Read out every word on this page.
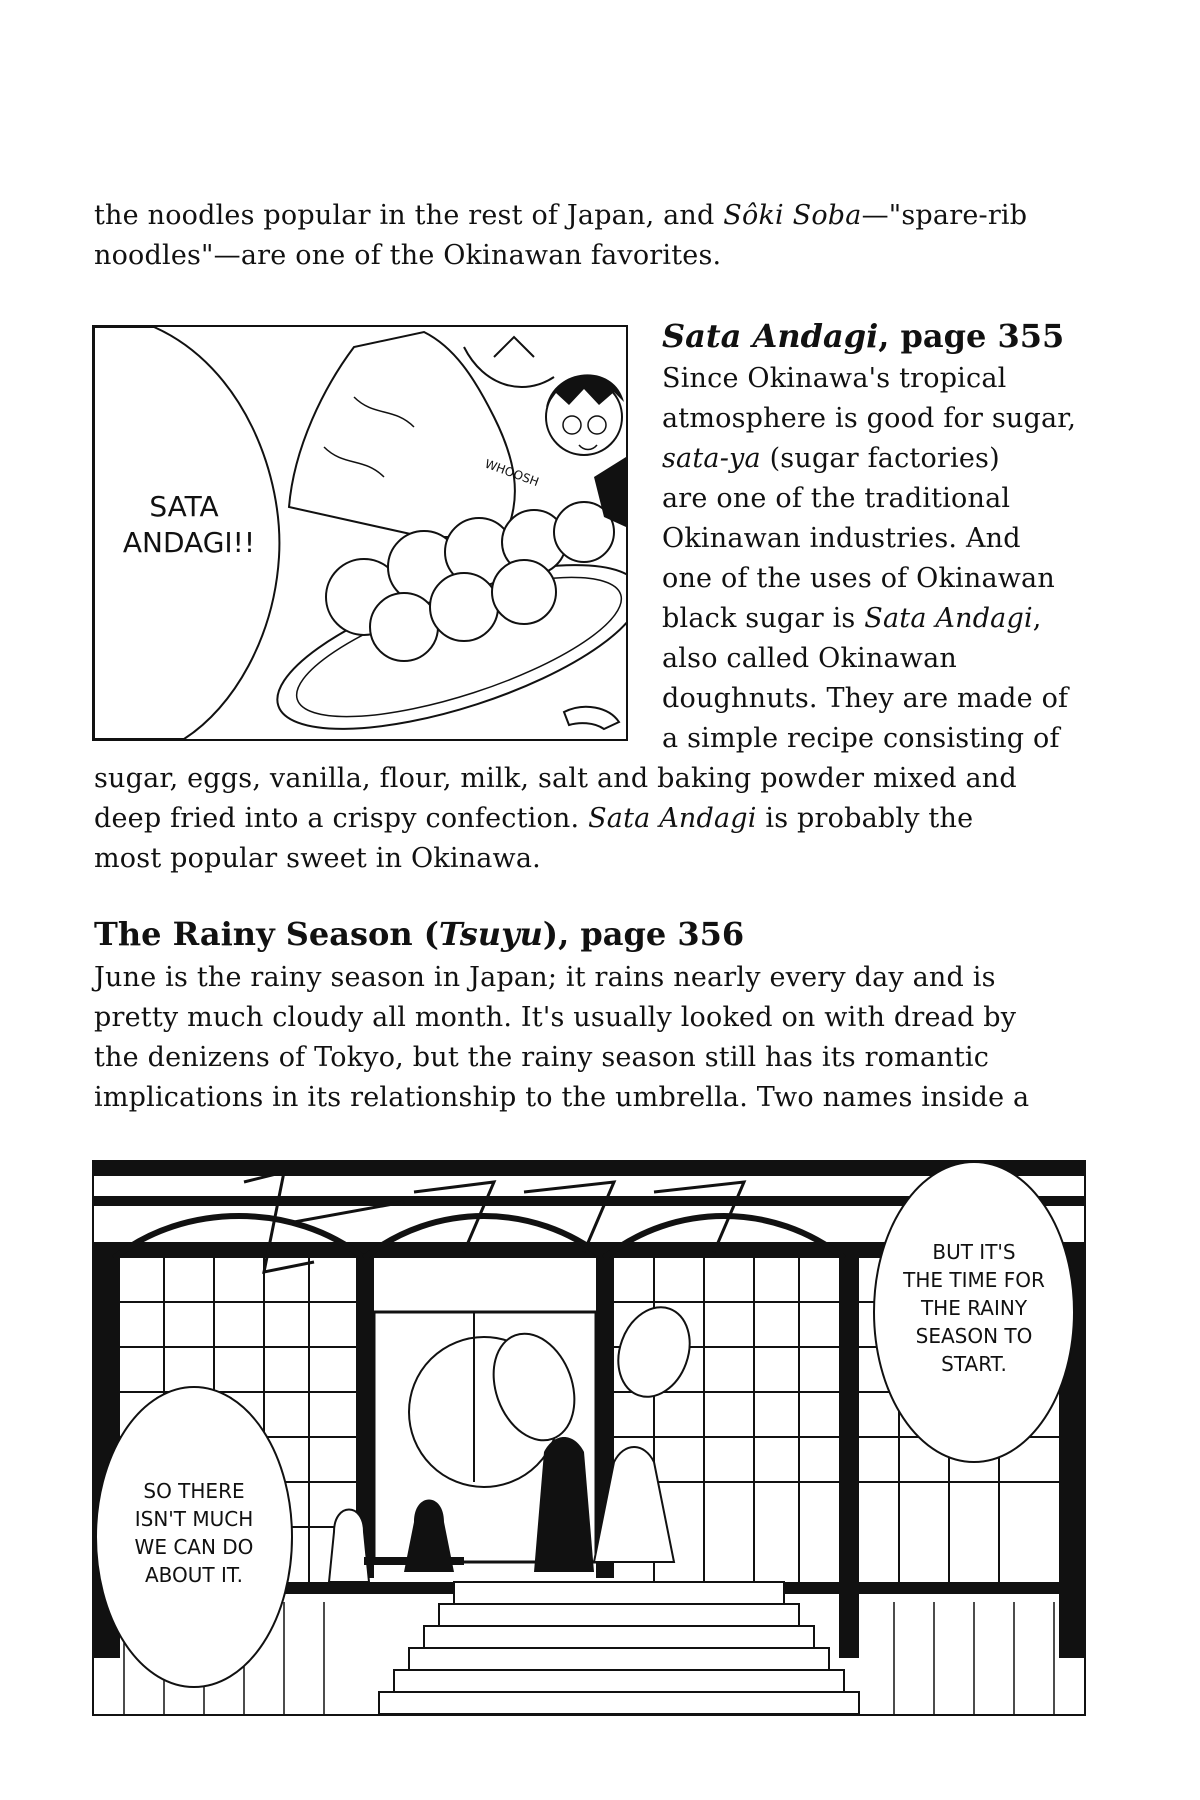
the noodles popular in the rest of Japan, and Sôki Soba—"spare-rib

noodles"—are one of the Okinawan favorites.

WHOOSH

SATA

ANDAGI!!

Sata Andagi, page 355

Since Okinawa's tropical

atmosphere is good for sugar,

sata-ya (sugar factories)

are one of the traditional

Okinawan industries. And

one of the uses of Okinawan

black sugar is Sata Andagi,

also called Okinawan

doughnuts. They are made of

a simple recipe consisting of

sugar, eggs, vanilla, flour, milk, salt and baking powder mixed and

deep fried into a crispy confection. Sata Andagi is probably the

most popular sweet in Okinawa.

The Rainy Season (Tsuyu), page 356

June is the rainy season in Japan; it rains nearly every day and is

pretty much cloudy all month. It's usually looked on with dread by

the denizens of Tokyo, but the rainy season still has its romantic

implications in its relationship to the umbrella. Two names inside a

BUT IT'S

THE TIME FOR

THE RAINY

SEASON TO

START.

SO THERE

ISN'T MUCH

WE CAN DO

ABOUT IT.
